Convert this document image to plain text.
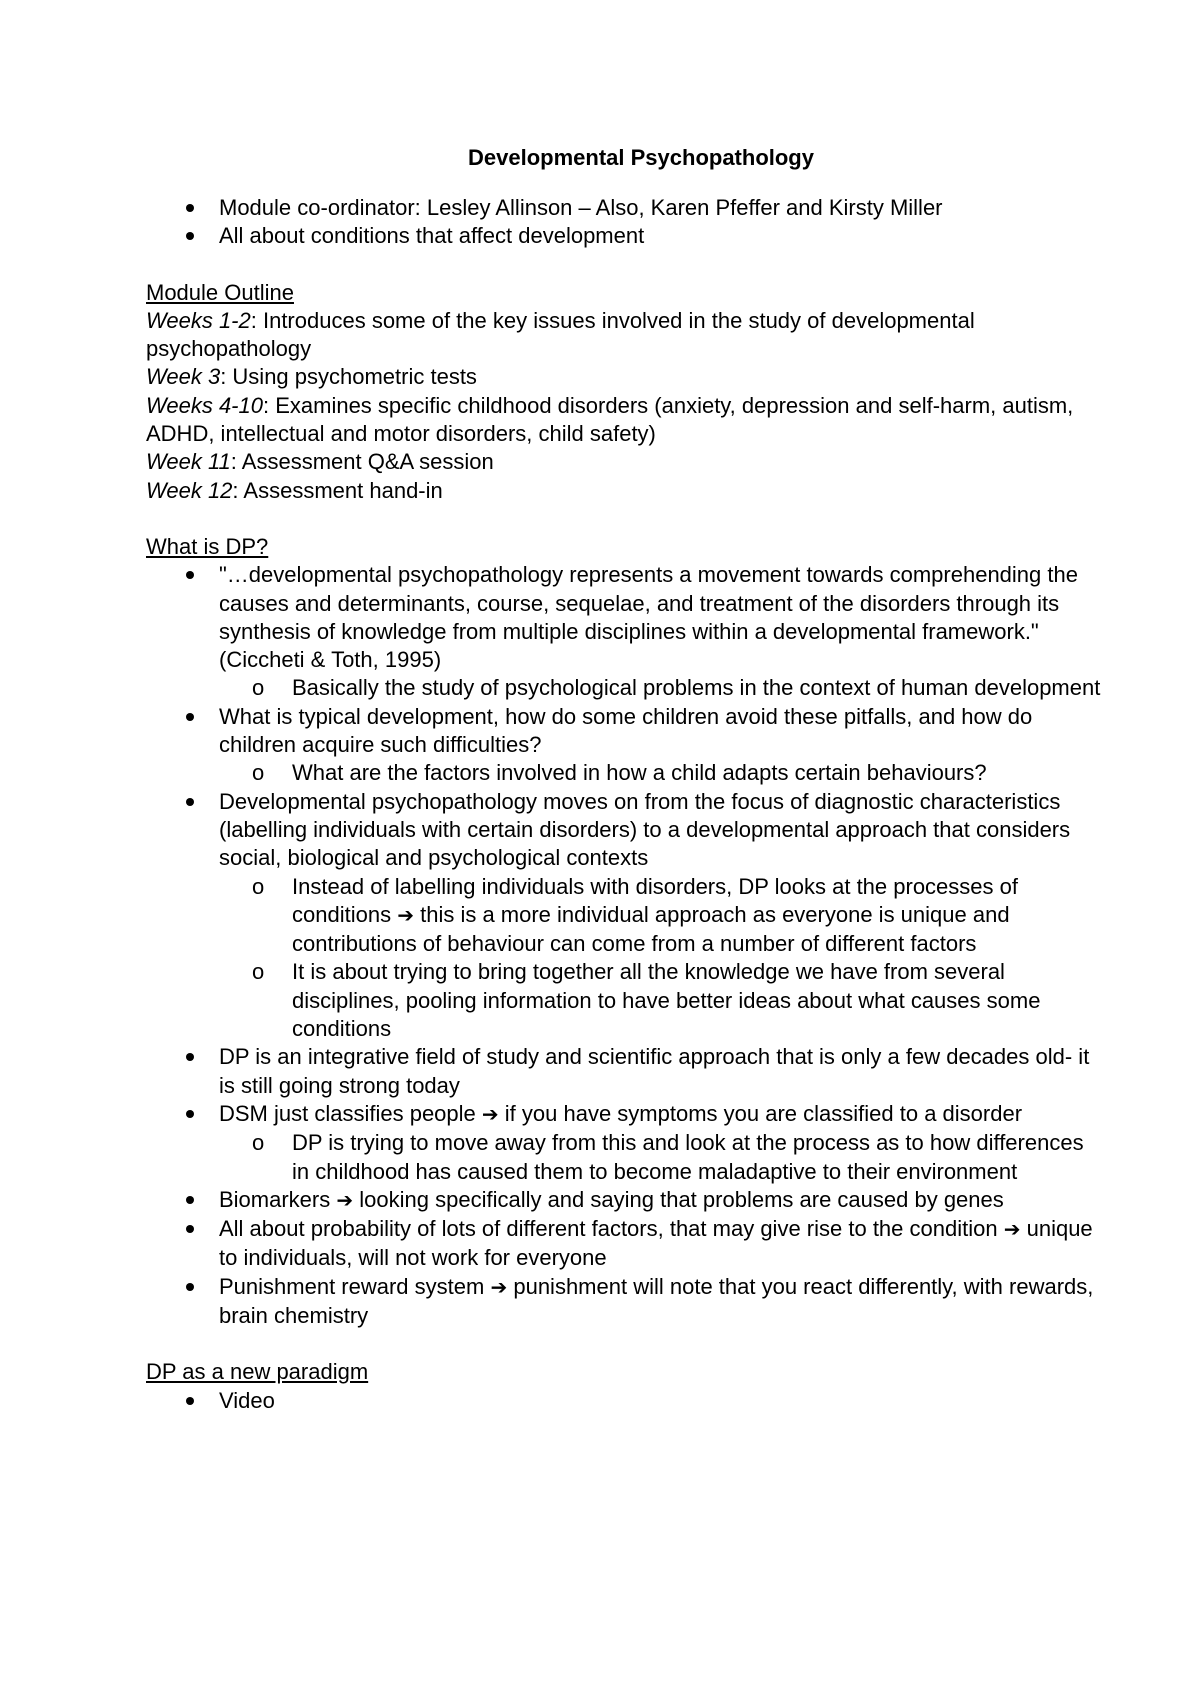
Developmental Psychopathology
Module co-ordinator: Lesley Allinson – Also, Karen Pfeffer and Kirsty Miller
All about conditions that affect development
Module Outline
Weeks 1-2: Introduces some of the key issues involved in the study of developmental psychopathology
Week 3: Using psychometric tests
Weeks 4-10: Examines specific childhood disorders (anxiety, depression and self-harm, autism, ADHD, intellectual and motor disorders, child safety)
Week 11: Assessment Q&A session
Week 12: Assessment hand-in
What is DP?
"…developmental psychopathology represents a movement towards comprehending the causes and determinants, course, sequelae, and treatment of the disorders through its synthesis of knowledge from multiple disciplines within a developmental framework." (Ciccheti & Toth, 1995)
o Basically the study of psychological problems in the context of human development
What is typical development, how do some children avoid these pitfalls, and how do children acquire such difficulties?
o What are the factors involved in how a child adapts certain behaviours?
Developmental psychopathology moves on from the focus of diagnostic characteristics (labelling individuals with certain disorders) to a developmental approach that considers social, biological and psychological contexts
o Instead of labelling individuals with disorders, DP looks at the processes of conditions ➔ this is a more individual approach as everyone is unique and contributions of behaviour can come from a number of different factors
o It is about trying to bring together all the knowledge we have from several disciplines, pooling information to have better ideas about what causes some conditions
DP is an integrative field of study and scientific approach that is only a few decades old- it is still going strong today
DSM just classifies people ➔ if you have symptoms you are classified to a disorder
o DP is trying to move away from this and look at the process as to how differences in childhood has caused them to become maladaptive to their environment
Biomarkers ➔ looking specifically and saying that problems are caused by genes
All about probability of lots of different factors, that may give rise to the condition ➔ unique to individuals, will not work for everyone
Punishment reward system ➔ punishment will note that you react differently, with rewards, brain chemistry
DP as a new paradigm
Video
